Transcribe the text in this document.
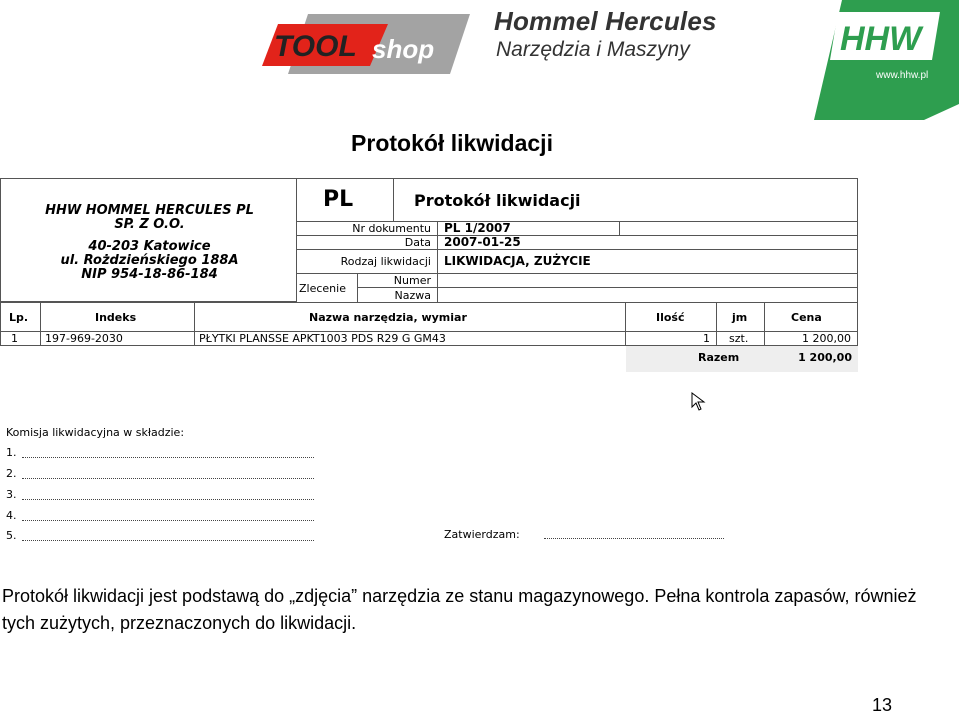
TOOL shop
Hommel Hercules
Narzędzia i Maszyny	HHW
www.hhw.pl
Protokół likwidacji
HHW HOMMEL HERCULES PL
SP. Z O.O.
40-203 Katowice
ul. Rożdzieńskiego 188A
NIP 954-18-86-184
PL	Protokół likwidacji
Nr dokumentu PL 1/2007
Data 2007-01-25
Rodzaj likwidacji LIKWIDACJA, ZUŻYCIE
Zlecenie
Numer
Nazwa
Lp.	Indeks	Nazwa narzędzia, wymiar	Ilość	jm	Cena
1 197-969-2030	PŁYTKI PLANSSE APKT1003 PDS R29 G GM43	1 szt.	1 200,00
Razem	1 200,00
Komisja likwidacyjna w składzie:
1.
2.
3.
4.
5.	Zatwierdzam:
Protokół likwidacji jest podstawą do „zdjęcia” narzędzia ze stanu magazynowego. Pełna kontrola zapasów, również tych zużytych, przeznaczonych do likwidacji.
13
